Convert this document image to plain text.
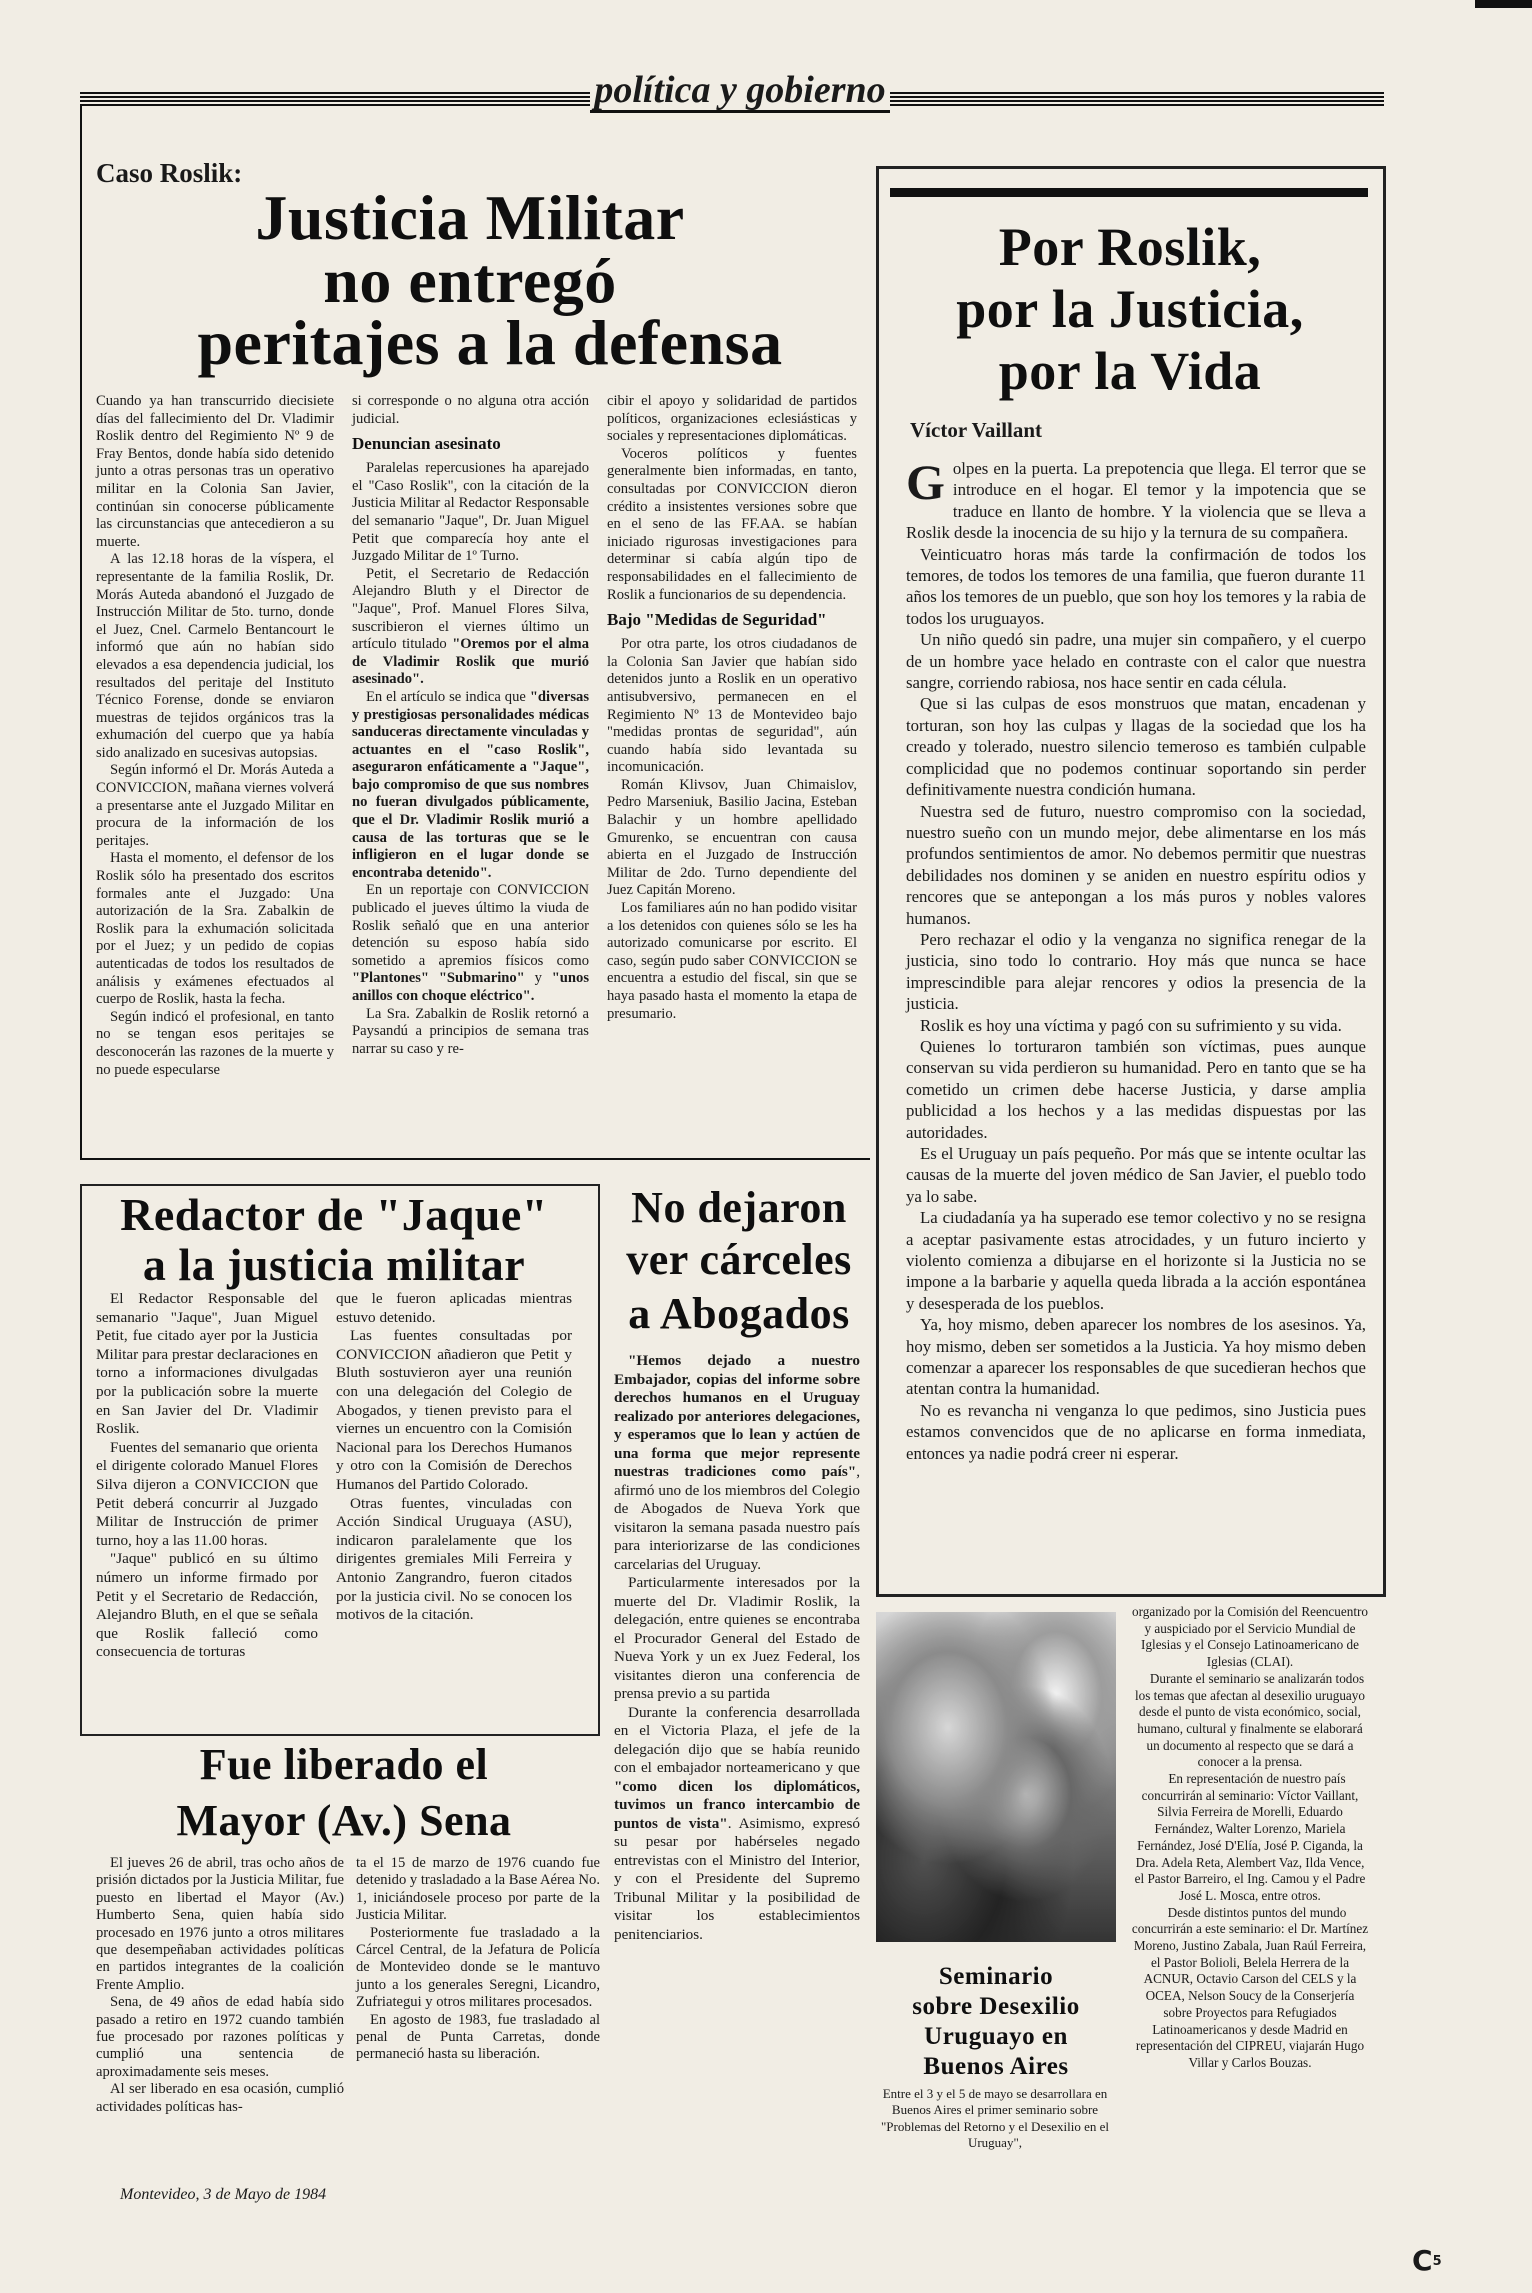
política y gobierno
Caso Roslik:
Justicia Militar
no entregó
peritajes a la defensa

Cuando ya han transcurrido diecisiete días del fallecimiento del Dr. Vladimir Roslik dentro del Regimiento Nº 9 de Fray Bentos, donde había sido detenido junto a otras personas tras un operativo militar en la Colonia San Javier, continúan sin conocerse públicamente las circunstancias que antecedieron a su muerte.

A las 12.18 horas de la víspera, el representante de la familia Roslik, Dr. Morás Auteda abandonó el Juzgado de Instrucción Militar de 5to. turno, donde el Juez, Cnel. Carmelo Bentancourt le informó que aún no habían sido elevados a esa dependencia judicial, los resultados del peritaje del Instituto Técnico Forense, donde se enviaron muestras de tejidos orgánicos tras la exhumación del cuerpo que ya había sido analizado en sucesivas autopsias.

Según informó el Dr. Morás Auteda a CONVICCION, mañana viernes volverá a presentarse ante el Juzgado Militar en procura de la información de los peritajes.

Hasta el momento, el defensor de los Roslik sólo ha presentado dos escritos formales ante el Juzgado: Una autorización de la Sra. Zabalkin de Roslik para la exhumación solicitada por el Juez; y un pedido de copias autenticadas de todos los resultados de análisis y exámenes efectuados al cuerpo de Roslik, hasta la fecha.

Según indicó el profesional, en tanto no se tengan esos peritajes se desconocerán las razones de la muerte y no puede especularse

si corresponde o no alguna otra acción judicial.

Denuncian asesinato

Paralelas repercusiones ha aparejado el "Caso Roslik", con la citación de la Justicia Militar al Redactor Responsable del semanario "Jaque", Dr. Juan Miguel Petit que comparecía hoy ante el Juzgado Militar de 1º Turno.

Petit, el Secretario de Redacción Alejandro Bluth y el Director de "Jaque", Prof. Manuel Flores Silva, suscribieron el viernes último un artículo titulado "Oremos por el alma de Vladimir Roslik que murió asesinado".

En el artículo se indica que "diversas y prestigiosas personalidades médicas sanduceras directamente vinculadas y actuantes en el "caso Roslik", aseguraron enfáticamente a "Jaque", bajo compromiso de que sus nombres no fueran divulgados públicamente, que el Dr. Vladimir Roslik murió a causa de las torturas que se le infligieron en el lugar donde se encontraba detenido".

En un reportaje con CONVICCION publicado el jueves último la viuda de Roslik señaló que en una anterior detención su esposo había sido sometido a apremios físicos como "Plantones" "Submarino" y "unos anillos con choque eléctrico".

La Sra. Zabalkin de Roslik retornó a Paysandú a principios de semana tras narrar su caso y re-

cibir el apoyo y solidaridad de partidos políticos, organizaciones eclesiásticas y sociales y representaciones diplomáticas.

Voceros políticos y fuentes generalmente bien informadas, en tanto, consultadas por CONVICCION dieron crédito a insistentes versiones sobre que en el seno de las FF.AA. se habían iniciado rigurosas investigaciones para determinar si cabía algún tipo de responsabilidades en el fallecimiento de Roslik a funcionarios de su dependencia.

Bajo "Medidas de Seguridad"

Por otra parte, los otros ciudadanos de la Colonia San Javier que habían sido detenidos junto a Roslik en un operativo antisubversivo, permanecen en el Regimiento Nº 13 de Montevideo bajo "medidas prontas de seguridad", aún cuando había sido levantada su incomunicación.

Román Klivsov, Juan Chimaislov, Pedro Marseniuk, Basilio Jacina, Esteban Balachir y un hombre apellidado Gmurenko, se encuentran con causa abierta en el Juzgado de Instrucción Militar de 2do. Turno dependiente del Juez Capitán Moreno.

Los familiares aún no han podido visitar a los detenidos con quienes sólo se les ha autorizado comunicarse por escrito. El caso, según pudo saber CONVICCION se encuentra a estudio del fiscal, sin que se haya pasado hasta el momento la etapa de presumario.

Por Roslik,
por la Justicia,
por la Vida
Víctor Vaillant

Golpes en la puerta. La prepotencia que llega. El terror que se introduce en el hogar. El temor y la impotencia que se traduce en llanto de hombre. Y la violencia que se lleva a Roslik desde la inocencia de su hijo y la ternura de su compañera.

Veinticuatro horas más tarde la confirmación de todos los temores, de todos los temores de una familia, que fueron durante 11 años los temores de un pueblo, que son hoy los temores y la rabia de todos los uruguayos.

Un niño quedó sin padre, una mujer sin compañero, y el cuerpo de un hombre yace helado en contraste con el calor que nuestra sangre, corriendo rabiosa, nos hace sentir en cada célula.

Que si las culpas de esos monstruos que matan, encadenan y torturan, son hoy las culpas y llagas de la sociedad que los ha creado y tolerado, nuestro silencio temeroso es también culpable complicidad que no podemos continuar soportando sin perder definitivamente nuestra condición humana.

Nuestra sed de futuro, nuestro compromiso con la sociedad, nuestro sueño con un mundo mejor, debe alimentarse en los más profundos sentimientos de amor. No debemos permitir que nuestras debilidades nos dominen y se aniden en nuestro espíritu odios y rencores que se antepongan a los más puros y nobles valores humanos.

Pero rechazar el odio y la venganza no significa renegar de la justicia, sino todo lo contrario. Hoy más que nunca se hace imprescindible para alejar rencores y odios la presencia de la justicia.

Roslik es hoy una víctima y pagó con su sufrimiento y su vida.

Quienes lo torturaron también son víctimas, pues aunque conservan su vida perdieron su humanidad. Pero en tanto que se ha cometido un crimen debe hacerse Justicia, y darse amplia publicidad a los hechos y a las medidas dispuestas por las autoridades.

Es el Uruguay un país pequeño. Por más que se intente ocultar las causas de la muerte del joven médico de San Javier, el pueblo todo ya lo sabe.

La ciudadanía ya ha superado ese temor colectivo y no se resigna a aceptar pasivamente estas atrocidades, y un futuro incierto y violento comienza a dibujarse en el horizonte si la Justicia no se impone a la barbarie y aquella queda librada a la acción espontánea y desesperada de los pueblos.

Ya, hoy mismo, deben aparecer los nombres de los asesinos. Ya, hoy mismo, deben ser sometidos a la Justicia. Ya hoy mismo deben comenzar a aparecer los responsables de que sucedieran hechos que atentan contra la humanidad.

No es revancha ni venganza lo que pedimos, sino Justicia pues estamos convencidos que de no aplicarse en forma inmediata, entonces ya nadie podrá creer ni esperar.

Redactor de "Jaque"
a la justicia militar

El Redactor Responsable del semanario "Jaque", Juan Miguel Petit, fue citado ayer por la Justicia Militar para prestar declaraciones en torno a informaciones divulgadas por la publicación sobre la muerte en San Javier del Dr. Vladimir Roslik.

Fuentes del semanario que orienta el dirigente colorado Manuel Flores Silva dijeron a CONVICCION que Petit deberá concurrir al Juzgado Militar de Instrucción de primer turno, hoy a las 11.00 horas.

"Jaque" publicó en su último número un informe firmado por Petit y el Secretario de Redacción, Alejandro Bluth, en el que se señala que Roslik falleció como consecuencia de torturas

que le fueron aplicadas mientras estuvo detenido.

Las fuentes consultadas por CONVICCION añadieron que Petit y Bluth sostuvieron ayer una reunión con una delegación del Colegio de Abogados, y tienen previsto para el viernes un encuentro con la Comisión Nacional para los Derechos Humanos y otro con la Comisión de Derechos Humanos del Partido Colorado.

Otras fuentes, vinculadas con Acción Sindical Uruguaya (ASU), indicaron paralelamente que los dirigentes gremiales Mili Ferreira y Antonio Zangrandro, fueron citados por la justicia civil. No se conocen los motivos de la citación.

No dejaron
ver cárceles
a Abogados

"Hemos dejado a nuestro Embajador, copias del informe sobre derechos humanos en el Uruguay realizado por anteriores delegaciones, y esperamos que lo lean y actúen de una forma que mejor represente nuestras tradiciones como país", afirmó uno de los miembros del Colegio de Abogados de Nueva York que visitaron la semana pasada nuestro país para interiorizarse de las condiciones carcelarias del Uruguay.

Particularmente interesados por la muerte del Dr. Vladimir Roslik, la delegación, entre quienes se encontraba el Procurador General del Estado de Nueva York y un ex Juez Federal, los visitantes dieron una conferencia de prensa previo a su partida

Durante la conferencia desarrollada en el Victoria Plaza, el jefe de la delegación dijo que se había reunido con el embajador norteamericano y que "como dicen los diplomáticos, tuvimos un franco intercambio de puntos de vista". Asimismo, expresó su pesar por habérseles negado entrevistas con el Ministro del Interior, y con el Presidente del Supremo Tribunal Militar y la posibilidad de visitar los establecimientos penitenciarios.

Fue liberado el
Mayor (Av.) Sena

El jueves 26 de abril, tras ocho años de prisión dictados por la Justicia Militar, fue puesto en libertad el Mayor (Av.) Humberto Sena, quien había sido procesado en 1976 junto a otros militares que desempeñaban actividades políticas en partidos integrantes de la coalición Frente Amplio.

Sena, de 49 años de edad había sido pasado a retiro en 1972 cuando también fue procesado por razones políticas y cumplió una sentencia de aproximadamente seis meses.

Al ser liberado en esa ocasión, cumplió actividades políticas has-

ta el 15 de marzo de 1976 cuando fue detenido y trasladado a la Base Aérea No. 1, iniciándosele proceso por parte de la Justicia Militar.

Posteriormente fue trasladado a la Cárcel Central, de la Jefatura de Policía de Montevideo donde se le mantuvo junto a los generales Seregni, Licandro, Zufriategui y otros militares procesados.

En agosto de 1983, fue trasladado al penal de Punta Carretas, donde permaneció hasta su liberación.

Seminario
sobre Desexilio
Uruguayo en
Buenos Aires

Entre el 3 y el 5 de mayo se desarrollara en Buenos Aires el primer seminario sobre "Problemas del Retorno y el Desexilio en el Uruguay",

organizado por la Comisión del Reencuentro y auspiciado por el Servicio Mundial de Iglesias y el Consejo Latinoamericano de Iglesias (CLAI).

Durante el seminario se analizarán todos los temas que afectan al desexilio uruguayo desde el punto de vista económico, social, humano, cultural y finalmente se elaborará un documento al respecto que se dará a conocer a la prensa.

En representación de nuestro país concurrirán al seminario: Víctor Vaillant, Silvia Ferreira de Morelli, Eduardo Fernández, Walter Lorenzo, Mariela Fernández, José D'Elía, José P. Ciganda, la Dra. Adela Reta, Alembert Vaz, Ilda Vence, el Pastor Barreiro, el Ing. Camou y el Padre José L. Mosca, entre otros.

Desde distintos puntos del mundo concurrirán a este seminario: el Dr. Martínez Moreno, Justino Zabala, Juan Raúl Ferreira, el Pastor Bolioli, Belela Herrera de la ACNUR, Octavio Carson del CELS y la OCEA, Nelson Soucy de la Conserjería sobre Proyectos para Refugiados Latinoamericanos y desde Madrid en representación del CIPREU, viajarán Hugo Villar y Carlos Bouzas.

Montevideo, 3 de Mayo de 1984
C5
